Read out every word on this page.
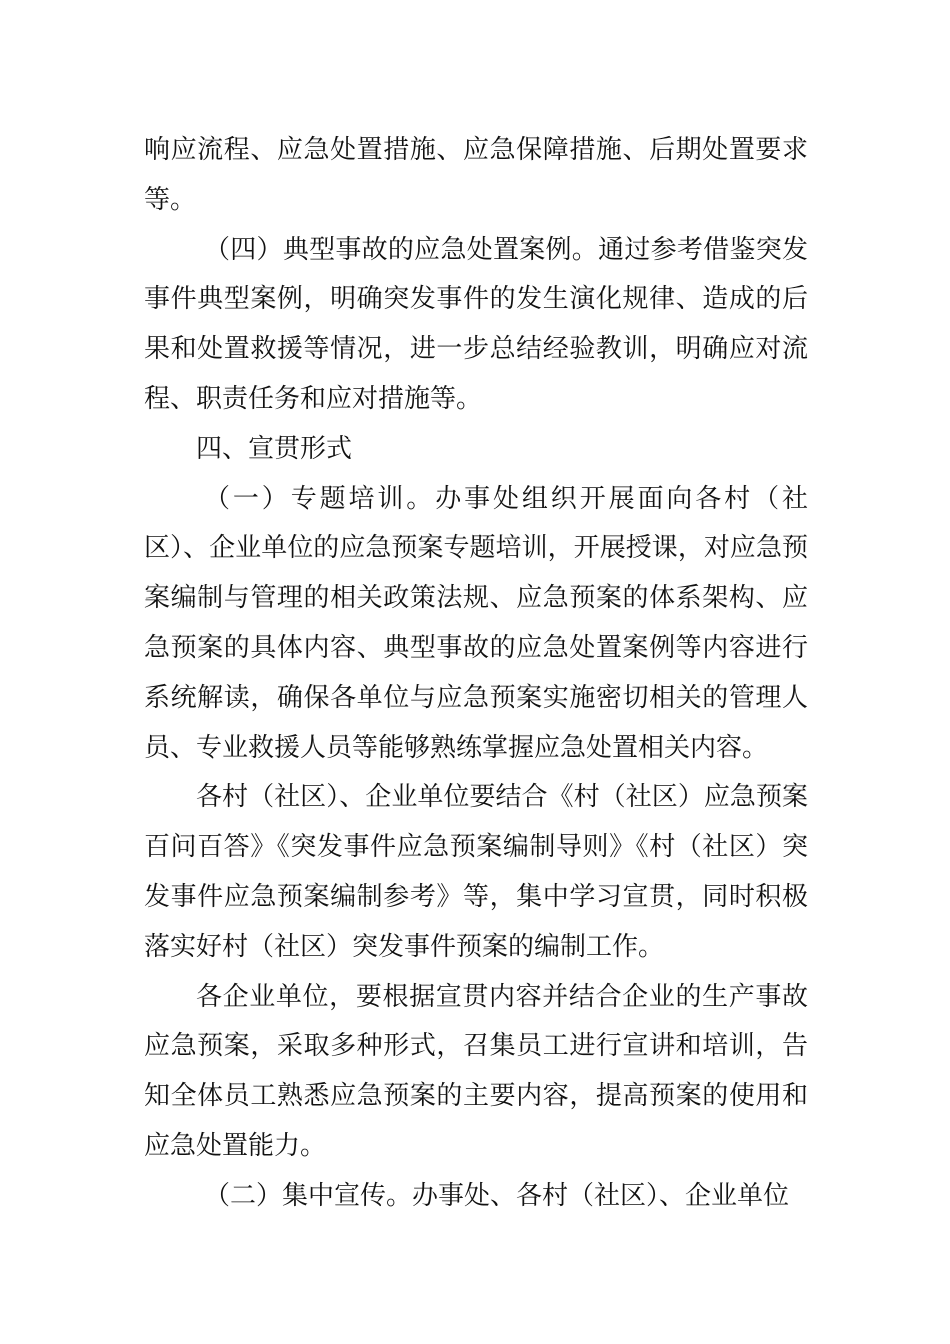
响应流程、应急处置措施、应急保障措施、后期处置要求等。

（四）典型事故的应急处置案例。通过参考借鉴突发事件典型案例，明确突发事件的发生演化规律、造成的后果和处置救援等情况，进一步总结经验教训，明确应对流程、职责任务和应对措施等。

四、宣贯形式

（一）专题培训。办事处组织开展面向各村（社区）、企业单位的应急预案专题培训，开展授课，对应急预案编制与管理的相关政策法规、应急预案的体系架构、应急预案的具体内容、典型事故的应急处置案例等内容进行系统解读，确保各单位与应急预案实施密切相关的管理人员、专业救援人员等能够熟练掌握应急处置相关内容。

各村（社区）、企业单位要结合《村（社区）应急预案百问百答》《突发事件应急预案编制导则》《村（社区）突发事件应急预案编制参考》等，集中学习宣贯，同时积极落实好村（社区）突发事件预案的编制工作。

各企业单位，要根据宣贯内容并结合企业的生产事故应急预案，采取多种形式，召集员工进行宣讲和培训，告知全体员工熟悉应急预案的主要内容，提高预案的使用和应急处置能力。

（二）集中宣传。办事处、各村（社区）、企业单位
